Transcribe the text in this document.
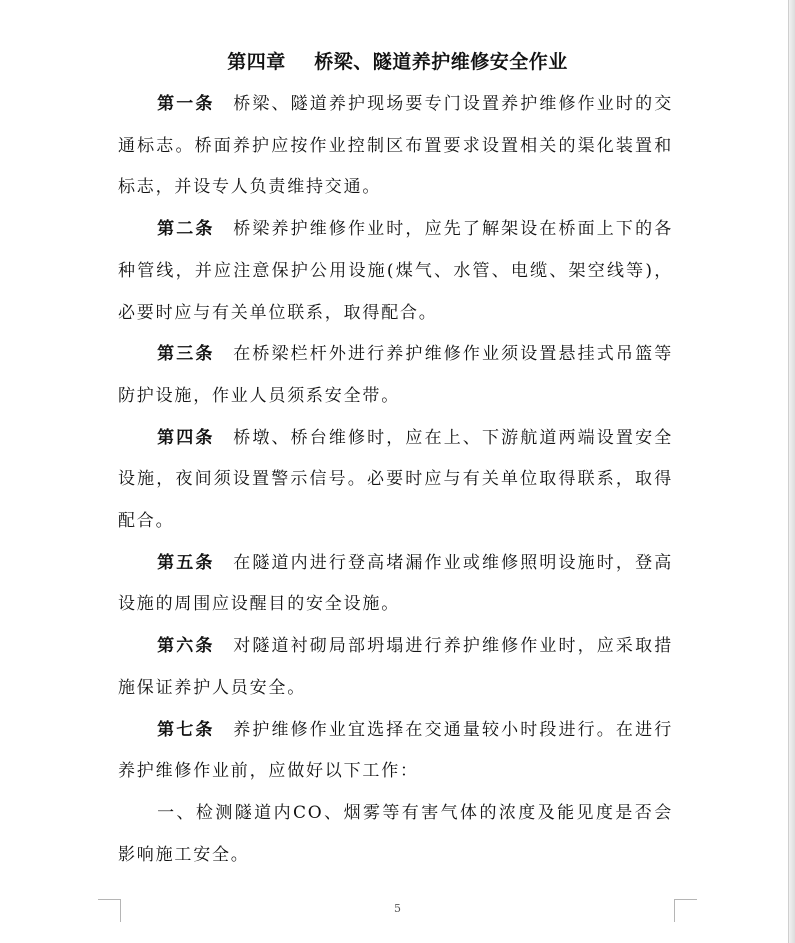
第四章    桥梁、隧道养护维修安全作业

第一条 桥梁、隧道养护现场要专门设置养护维修作业时的交通标志。桥面养护应按作业控制区布置要求设置相关的渠化装置和标志，并设专人负责维持交通。

第二条 桥梁养护维修作业时，应先了解架设在桥面上下的各种管线，并应注意保护公用设施(煤气、水管、电缆、架空线等)，必要时应与有关单位联系，取得配合。

第三条 在桥梁栏杆外进行养护维修作业须设置悬挂式吊篮等防护设施，作业人员须系安全带。

第四条 桥墩、桥台维修时，应在上、下游航道两端设置安全设施，夜间须设置警示信号。必要时应与有关单位取得联系，取得配合。

第五条 在隧道内进行登高堵漏作业或维修照明设施时，登高设施的周围应设醒目的安全设施。

第六条 对隧道衬砌局部坍塌进行养护维修作业时，应采取措施保证养护人员安全。

第七条 养护维修作业宜选择在交通量较小时段进行。在进行养护维修作业前，应做好以下工作：

一、检测隧道内CO、烟雾等有害气体的浓度及能见度是否会影响施工安全。

5
